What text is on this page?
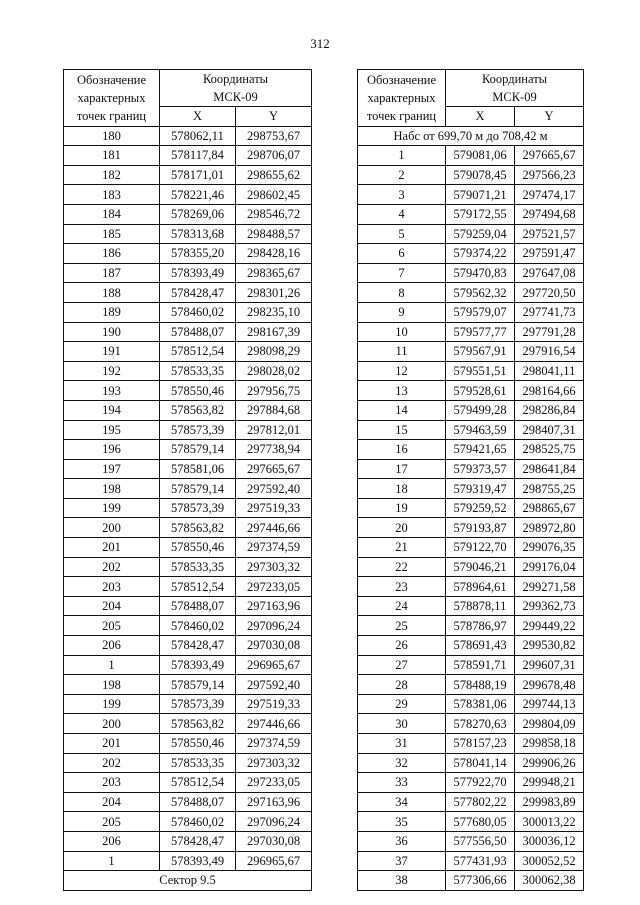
312
Обозначение
характерных
точек границ	Координаты
МСК-09	
	X	Y
180	578062,11	298753,67
181	578117,84	298706,07
182	578171,01	298655,62
183	578221,46	298602,45
184	578269,06	298546,72
185	578313,68	298488,57
186	578355,20	298428,16
187	578393,49	298365,67
188	578428,47	298301,26
189	578460,02	298235,10
190	578488,07	298167,39
191	578512,54	298098,29
192	578533,35	298028,02
193	578550,46	297956,75
194	578563,82	297884,68
195	578573,39	297812,01
196	578579,14	297738,94
197	578581,06	297665,67
198	578579,14	297592,40
199	578573,39	297519,33
200	578563,82	297446,66
201	578550,46	297374,59
202	578533,35	297303,32
203	578512,54	297233,05
204	578488,07	297163,96
205	578460,02	297096,24
206	578428,47	297030,08
1	578393,49	296965,67
198	578579,14	297592,40
199	578573,39	297519,33
200	578563,82	297446,66
201	578550,46	297374,59
202	578533,35	297303,32
203	578512,54	297233,05
204	578488,07	297163,96
205	578460,02	297096,24
206	578428,47	297030,08
1	578393,49	296965,67
Сектор 9.5		
Обозначение
характерных
точек границ	Координаты
МСК-09	
	X	Y
Набс от 699,70 м до 708,42 м		
1	579081,06	297665,67
2	579078,45	297566,23
3	579071,21	297474,17
4	579172,55	297494,68
5	579259,04	297521,57
6	579374,22	297591,47
7	579470,83	297647,08
8	579562,32	297720,50
9	579579,07	297741,73
10	579577,77	297791,28
11	579567,91	297916,54
12	579551,51	298041,11
13	579528,61	298164,66
14	579499,28	298286,84
15	579463,59	298407,31
16	579421,65	298525,75
17	579373,57	298641,84
18	579319,47	298755,25
19	579259,52	298865,67
20	579193,87	298972,80
21	579122,70	299076,35
22	579046,21	299176,04
23	578964,61	299271,58
24	578878,11	299362,73
25	578786,97	299449,22
26	578691,43	299530,82
27	578591,71	299607,31
28	578488,19	299678,48
29	578381,06	299744,13
30	578270,63	299804,09
31	578157,23	299858,18
32	578041,14	299906,26
33	577922,70	299948,21
34	577802,22	299983,89
35	577680,05	300013,22
36	577556,50	300036,12
37	577431,93	300052,52
38	577306,66	300062,38
